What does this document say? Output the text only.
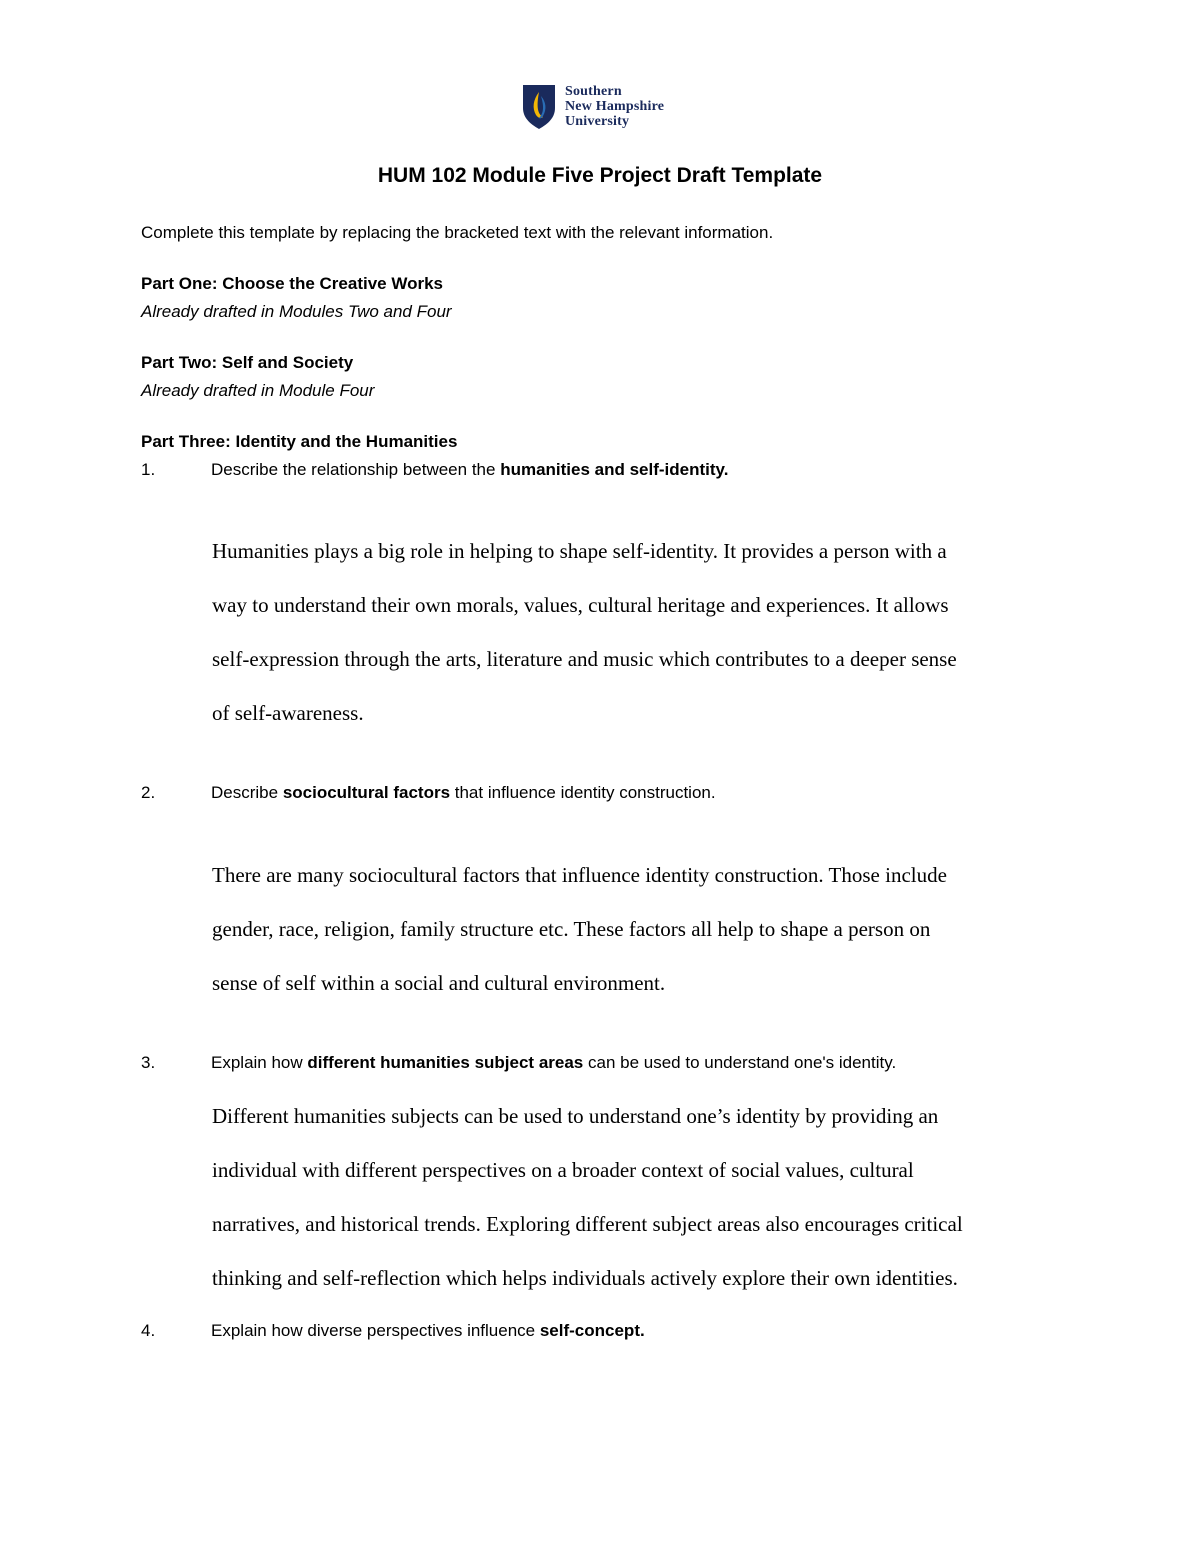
Southern
New Hampshire
University
HUM 102 Module Five Project Draft Template
Complete this template by replacing the bracketed text with the relevant information.
Part One: Choose the Creative Works
Already drafted in Modules Two and Four
Part Two: Self and Society
Already drafted in Module Four
Part Three: Identity and the Humanities
1.	Describe the relationship between the humanities and self-identity.
Humanities plays a big role in helping to shape self-identity. It provides a person with a
way to understand their own morals, values, cultural heritage and experiences. It allows
self-expression through the arts, literature and music which contributes to a deeper sense
of self-awareness.
2.	Describe sociocultural factors that influence identity construction.
There are many sociocultural factors that influence identity construction. Those include
gender, race, religion, family structure etc. These factors all help to shape a person on
sense of self within a social and cultural environment.
3.	Explain how different humanities subject areas can be used to understand one's identity.
Different humanities subjects can be used to understand one’s identity by providing an
individual with different perspectives on a broader context of social values, cultural
narratives, and historical trends. Exploring different subject areas also encourages critical
thinking and self-reflection which helps individuals actively explore their own identities.
4.	Explain how diverse perspectives influence self-concept.
